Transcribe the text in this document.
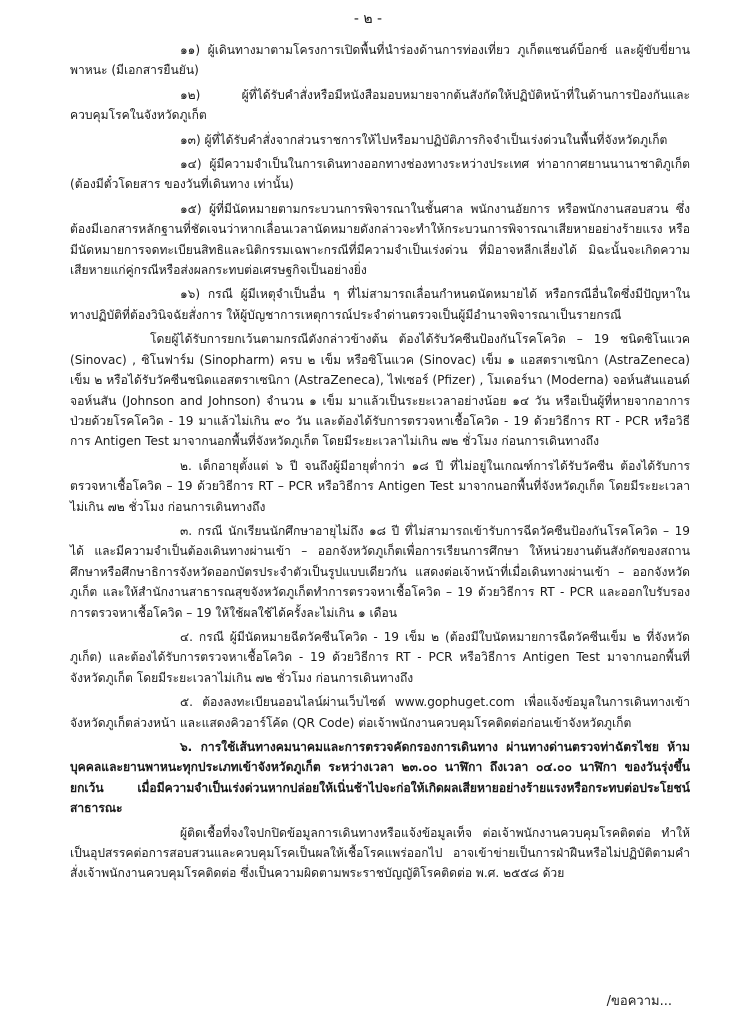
- ๒ -

๑๑) ผู้เดินทางมาตามโครงการเปิดพื้นที่นำร่องด้านการท่องเที่ยว ภูเก็ตแซนด์บ็อกซ์ และผู้ขับขี่ยานพาหนะ (มีเอกสารยืนยัน)

๑๒) ผู้ที่ได้รับคำสั่งหรือมีหนังสือมอบหมายจากต้นสังกัดให้ปฏิบัติหน้าที่ในด้านการป้องกันและควบคุมโรคในจังหวัดภูเก็ต

๑๓) ผู้ที่ได้รับคำสั่งจากส่วนราชการให้ไปหรือมาปฏิบัติภารกิจจำเป็นเร่งด่วนในพื้นที่จังหวัดภูเก็ต

๑๔) ผู้มีความจำเป็นในการเดินทางออกทางช่องทางระหว่างประเทศ ท่าอากาศยานนานาชาติภูเก็ต (ต้องมีตั๋วโดยสาร ของวันที่เดินทาง เท่านั้น)

๑๕) ผู้ที่มีนัดหมายตามกระบวนการพิจารณาในชั้นศาล พนักงานอัยการ หรือพนักงานสอบสวน ซึ่งต้องมีเอกสารหลักฐานที่ชัดเจนว่าหากเลื่อนเวลานัดหมายดังกล่าวจะทำให้กระบวนการพิจารณาเสียหายอย่างร้ายแรง หรือมีนัดหมายการจดทะเบียนสิทธิและนิติกรรมเฉพาะกรณีที่มีความจำเป็นเร่งด่วน ที่มิอาจหลีกเลี่ยงได้ มิฉะนั้นจะเกิดความเสียหายแก่คู่กรณีหรือส่งผลกระทบต่อเศรษฐกิจเป็นอย่างยิ่ง

๑๖) กรณี ผู้มีเหตุจำเป็นอื่น ๆ ที่ไม่สามารถเลื่อนกำหนดนัดหมายได้ หรือกรณีอื่นใดซึ่งมีปัญหาในทางปฏิบัติที่ต้องวินิจฉัยสั่งการ ให้ผู้บัญชาการเหตุการณ์ประจำด่านตรวจเป็นผู้มีอำนาจพิจารณาเป็นรายกรณี

โดยผู้ได้รับการยกเว้นตามกรณีดังกล่าวข้างต้น ต้องได้รับวัคซีนป้องกันโรคโควิด – 19 ชนิดซิโนแวค (Sinovac) , ซิโนฟาร์ม (Sinopharm) ครบ ๒ เข็ม หรือซิโนแวค (Sinovac) เข็ม ๑ แอสตราเซนิกา (AstraZeneca) เข็ม ๒ หรือได้รับวัคซีนชนิดแอสตราเซนิกา (AstraZeneca), ไฟเซอร์ (Pfizer) , โมเดอร์นา (Moderna) จอห์นสันแอนด์จอห์นสัน (Johnson and Johnson) จำนวน ๑ เข็ม มาแล้วเป็นระยะเวลาอย่างน้อย ๑๔ วัน หรือเป็นผู้ที่หายจากอาการป่วยด้วยโรคโควิด - 19 มาแล้วไม่เกิน ๙๐ วัน และต้องได้รับการตรวจหาเชื้อโควิด - 19 ด้วยวิธีการ RT - PCR หรือวิธีการ Antigen Test มาจากนอกพื้นที่จังหวัดภูเก็ต โดยมีระยะเวลาไม่เกิน ๗๒ ชั่วโมง ก่อนการเดินทางถึง

๒. เด็กอายุตั้งแต่ ๖ ปี จนถึงผู้มีอายุต่ำกว่า ๑๘ ปี ที่ไม่อยู่ในเกณฑ์การได้รับวัคซีน ต้องได้รับการตรวจหาเชื้อโควิด – 19 ด้วยวิธีการ RT – PCR หรือวิธีการ Antigen Test มาจากนอกพื้นที่จังหวัดภูเก็ต โดยมีระยะเวลาไม่เกิน ๗๒ ชั่วโมง ก่อนการเดินทางถึง

๓. กรณี นักเรียนนักศึกษาอายุไม่ถึง ๑๘ ปี ที่ไม่สามารถเข้ารับการฉีดวัคซีนป้องกันโรคโควิด – 19 ได้ และมีความจำเป็นต้องเดินทางผ่านเข้า – ออกจังหวัดภูเก็ตเพื่อการเรียนการศึกษา ให้หน่วยงานต้นสังกัดของสถานศึกษาหรือศึกษาธิการจังหวัดออกบัตรประจำตัวเป็นรูปแบบเดียวกัน แสดงต่อเจ้าหน้าที่เมื่อเดินทางผ่านเข้า – ออกจังหวัดภูเก็ต และให้สำนักงานสาธารณสุขจังหวัดภูเก็ตทำการตรวจหาเชื้อโควิด – 19 ด้วยวิธีการ RT - PCR และออกใบรับรองการตรวจหาเชื้อโควิด – 19 ให้ใช้ผลใช้ได้ครั้งละไม่เกิน ๑ เดือน

๔. กรณี ผู้มีนัดหมายฉีดวัคซีนโควิด - 19 เข็ม ๒ (ต้องมีใบนัดหมายการฉีดวัคซีนเข็ม ๒ ที่จังหวัดภูเก็ต) และต้องได้รับการตรวจหาเชื้อโควิด - 19 ด้วยวิธีการ RT - PCR หรือวิธีการ Antigen Test มาจากนอกพื้นที่จังหวัดภูเก็ต โดยมีระยะเวลาไม่เกิน ๗๒ ชั่วโมง ก่อนการเดินทางถึง

๕. ต้องลงทะเบียนออนไลน์ผ่านเว็บไซต์ www.gophuget.com เพื่อแจ้งข้อมูลในการเดินทางเข้าจังหวัดภูเก็ตล่วงหน้า และแสดงคิวอาร์โค้ด (QR Code) ต่อเจ้าพนักงานควบคุมโรคติดต่อก่อนเข้าจังหวัดภูเก็ต

๖. การใช้เส้นทางคมนาคมและการตรวจคัดกรองการเดินทาง ผ่านทางด่านตรวจท่าฉัตรไชย ห้ามบุคคลและยานพาหนะทุกประเภทเข้าจังหวัดภูเก็ต ระหว่างเวลา ๒๓.๐๐ นาฬิกา ถึงเวลา ๐๔.๐๐ นาฬิกา ของวันรุ่งขึ้น ยกเว้น เมื่อมีความจำเป็นเร่งด่วนหากปล่อยให้เนิ่นช้าไปจะก่อให้เกิดผลเสียหายอย่างร้ายแรงหรือกระทบต่อประโยชน์สาธารณะ

ผู้ติดเชื้อที่จงใจปกปิดข้อมูลการเดินทางหรือแจ้งข้อมูลเท็จ ต่อเจ้าพนักงานควบคุมโรคติดต่อ ทำให้เป็นอุปสรรคต่อการสอบสวนและควบคุมโรคเป็นผลให้เชื้อโรคแพร่ออกไป อาจเข้าข่ายเป็นการฝ่าฝืนหรือไม่ปฏิบัติตามคำสั่งเจ้าพนักงานควบคุมโรคติดต่อ ซึ่งเป็นความผิดตามพระราชบัญญัติโรคติดต่อ พ.ศ. ๒๕๕๘ ด้วย

/ขอความ...
